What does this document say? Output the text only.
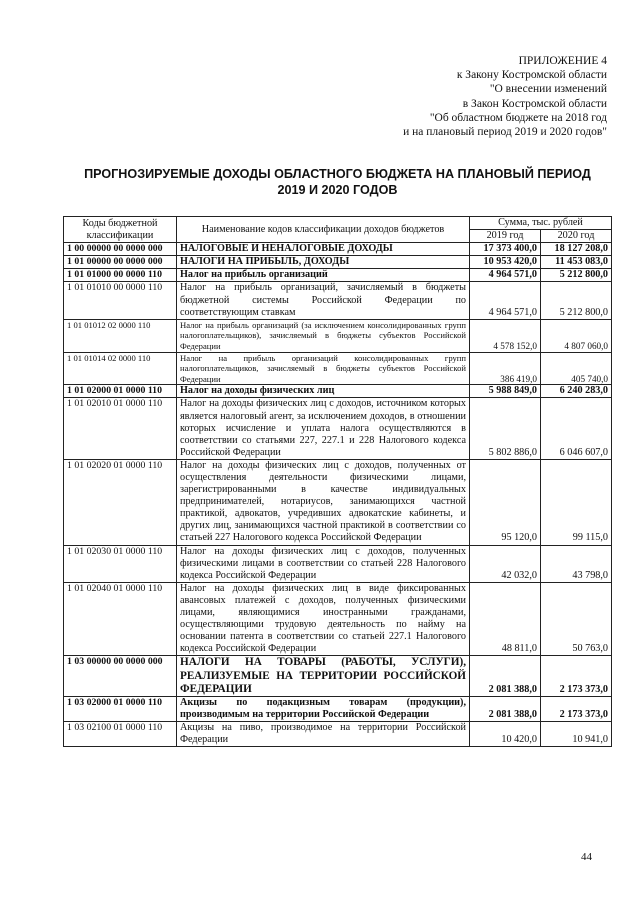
ПРИЛОЖЕНИЕ 4
к Закону Костромской области
"О внесении изменений
в Закон Костромской области
"Об областном бюджете на 2018 год
и на плановый период 2019 и 2020 годов"
ПРОГНОЗИРУЕМЫЕ ДОХОДЫ ОБЛАСТНОГО БЮДЖЕТА НА ПЛАНОВЫЙ ПЕРИОД
2019 И 2020 ГОДОВ
Коды бюджетной классификации	Наименование кодов классификации доходов бюджетов	Сумма, тыс. рублей	
		2019 год	2020 год
1 00 00000 00 0000 000	НАЛОГОВЫЕ И НЕНАЛОГОВЫЕ ДОХОДЫ	17 373 400,0	18 127 208,0
1 01 00000 00 0000 000	НАЛОГИ НА ПРИБЫЛЬ, ДОХОДЫ	10 953 420,0	11 453 083,0
1 01 01000 00 0000 110	Налог на прибыль организаций	4 964 571,0	5 212 800,0
1 01 01010 00 0000 110	Налог на прибыль организаций, зачисляемый в бюджеты бюджетной системы Российской Федерации по соответствующим ставкам	4 964 571,0	5 212 800,0
1 01 01012 02 0000 110	Налог на прибыль организаций (за исключением консолидированных групп налогоплательщиков), зачисляемый в бюджеты субъектов Российской Федерации	4 578 152,0	4 807 060,0
1 01 01014 02 0000 110	Налог на прибыль организаций консолидированных групп налогоплательщиков, зачисляемый в бюджеты субъектов Российской Федерации	386 419,0	405 740,0
1 01 02000 01 0000 110	Налог на доходы физических лиц	5 988 849,0	6 240 283,0
1 01 02010 01 0000 110	Налог на доходы физических лиц с доходов, источником которых является налоговый агент, за исключением доходов, в отношении которых исчисление и уплата налога осуществляются в соответствии со статьями 227, 227.1 и 228 Налогового кодекса Российской Федерации	5 802 886,0	6 046 607,0
1 01 02020 01 0000 110	Налог на доходы физических лиц с доходов, полученных от осуществления деятельности физическими лицами, зарегистрированными в качестве индивидуальных предпринимателей, нотариусов, занимающихся частной практикой, адвокатов, учредивших адвокатские кабинеты, и других лиц, занимающихся частной практикой в соответствии со статьей 227 Налогового кодекса Российской Федерации	95 120,0	99 115,0
1 01 02030 01 0000 110	Налог на доходы физических лиц с доходов, полученных физическими лицами в соответствии со статьей 228 Налогового кодекса Российской Федерации	42 032,0	43 798,0
1 01 02040 01 0000 110	Налог на доходы физических лиц в виде фиксированных авансовых платежей с доходов, полученных физическими лицами, являющимися иностранными гражданами, осуществляющими трудовую деятельность по найму на основании патента в соответствии со статьей 227.1 Налогового кодекса Российской Федерации	48 811,0	50 763,0
1 03 00000 00 0000 000	НАЛОГИ НА ТОВАРЫ (РАБОТЫ, УСЛУГИ), РЕАЛИЗУЕМЫЕ НА ТЕРРИТОРИИ РОССИЙСКОЙ ФЕДЕРАЦИИ	2 081 388,0	2 173 373,0
1 03 02000 01 0000 110	Акцизы по подакцизным товарам (продукции), производимым на территории Российской Федерации	2 081 388,0	2 173 373,0
1 03 02100 01 0000 110	Акцизы на пиво, производимое на территории Российской Федерации	10 420,0	10 941,0
44
